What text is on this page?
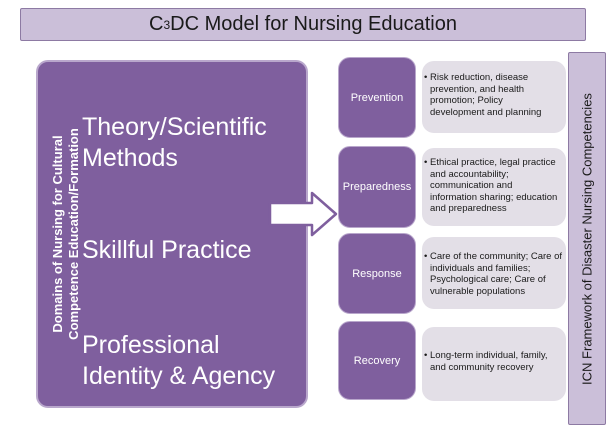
C 3 DC Model for Nursing Education
Domains of Nursing for Cultural Competence Education/Formation
Theory/Scientific
Methods
Skillful Practice
Professional
Identity & Agency
Prevention
• Risk reduction, disease
prevention, and health
promotion; Policy
development and planning
Preparedness
• Ethical practice, legal practice
and accountability;
communication and
information sharing; education
and preparedness
Response
• Care of the community; Care of
individuals and families;
Psychological care; Care of
vulnerable populations
Recovery
•	Long-term individual, family,
and community recovery	ICN Framework of Disaster Nursing Competencies
